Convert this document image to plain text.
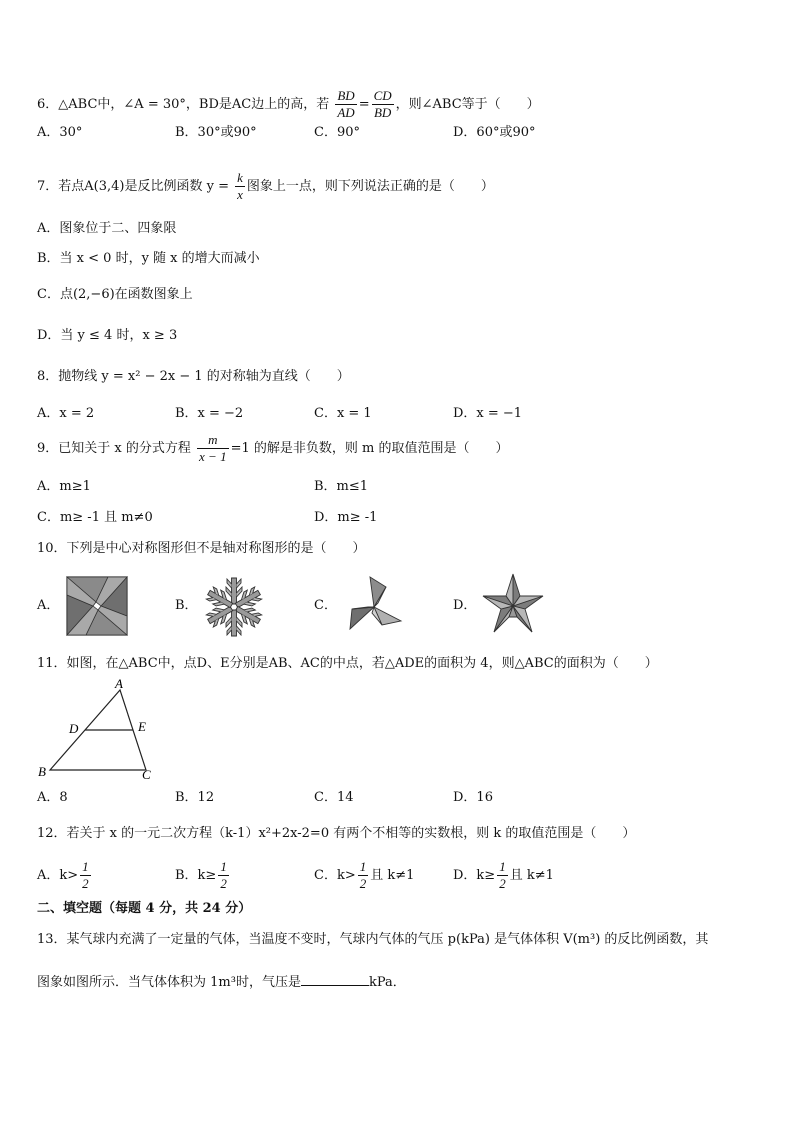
6．△ABC中，∠A = 30°，BD是AC边上的高，若 $\frac{BD}{AD} = \frac{CD}{BD}$ ，则∠ABC等于（　　）
A．30°	B．30°或90°	C．90°	D．60°或90°
7．若点A(3,4)是反比例函数 $y = \frac{k}{x}$ 图象上一点，则下列说法正确的是（　　）
A．图象位于二、四象限
B．当 x < 0 时，y 随 x 的增大而减小
C．点(2,−6)在函数图象上
D．当 y ≤ 4 时，x ≥ 3
8．抛物线 y = x² − 2x − 1 的对称轴为直线（　　）
A．x = 2	B．x = −2	C．x = 1	D．x = −1
9．已知关于 x 的分式方程 $\frac{m}{x - 1} =1$ 的解是非负数，则 m 的取值范围是（　　）
A．m≥1	B．m≤1
C．m≥ -1 且 m≠0	D．m≥ -1
10．下列是中心对称图形但不是轴对称图形的是（　　）
A．	B．	C．	D．
11．如图，在△ABC中，点D、E分别是AB、AC的中点，若△ADE的面积为 4，则△ABC的面积为（　　）
A
D	E
B	C
A．8	B．12	C．14	D．16
12．若关于 x 的一元二次方程（k-1）x²+2x-2=0 有两个不相等的实数根，则 k 的取值范围是（　　）
A．$k> \frac{1}{2}$	B．$k\ge \frac{1}{2}$	C．$k> \frac{1}{2}$ 且 k≠1	D．$k\ge \frac{1}{2}$ 且 k≠1
二、填空题（每题 4 分，共 24 分）
13．某气球内充满了一定量的气体，当温度不变时，气球内气体的气压 p(kPa) 是气体体积 V(m³) 的反比例函数，其
图象如图所示．当气体体积为 1m³时，气压是	kPa．
